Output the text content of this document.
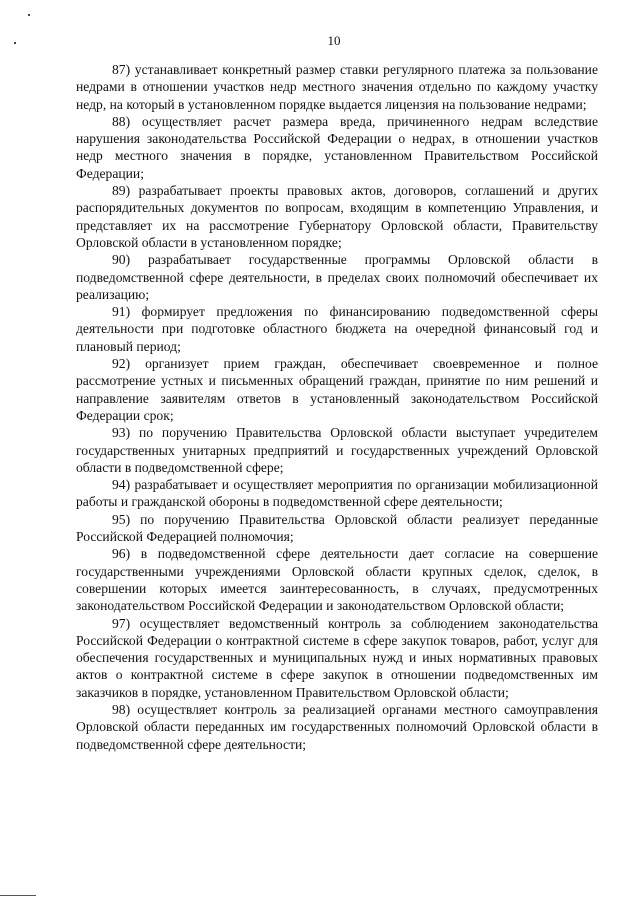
10

87) устанавливает конкретный размер ставки регулярного платежа за пользование недрами в отношении участков недр местного значения отдельно по каждому участку недр, на который в установленном порядке выдается лицензия на пользование недрами;

88) осуществляет расчет размера вреда, причиненного недрам вследствие нарушения законодательства Российской Федерации о недрах, в отношении участков недр местного значения в порядке, установленном Правительством Российской Федерации;

89) разрабатывает проекты правовых актов, договоров, соглашений и других распорядительных документов по вопросам, входящим в компетенцию Управления, и представляет их на рассмотрение Губернатору Орловской области, Правительству Орловской области в установленном порядке;

90) разрабатывает государственные программы Орловской области в подведомственной сфере деятельности, в пределах своих полномочий обеспечивает их реализацию;

91) формирует предложения по финансированию подведомственной сферы деятельности при подготовке областного бюджета на очередной финансовый год и плановый период;

92) организует прием граждан, обеспечивает своевременное и полное рассмотрение устных и письменных обращений граждан, принятие по ним решений и направление заявителям ответов в установленный законодательством Российской Федерации срок;

93) по поручению Правительства Орловской области выступает учредителем государственных унитарных предприятий и государственных учреждений Орловской области в подведомственной сфере;

94) разрабатывает и осуществляет мероприятия по организации мобилизационной работы и гражданской обороны в подведомственной сфере деятельности;

95) по поручению Правительства Орловской области реализует переданные Российской Федерацией полномочия;

96) в подведомственной сфере деятельности дает согласие на совершение государственными учреждениями Орловской области крупных сделок, сделок, в совершении которых имеется заинтересованность, в случаях, предусмотренных законодательством Российской Федерации и законодательством Орловской области;

97) осуществляет ведомственный контроль за соблюдением законодательства Российской Федерации о контрактной системе в сфере закупок товаров, работ, услуг для обеспечения государственных и муниципальных нужд и иных нормативных правовых актов о контрактной системе в сфере закупок в отношении подведомственных им заказчиков в порядке, установленном Правительством Орловской области;

98) осуществляет контроль за реализацией органами местного самоуправления Орловской области переданных им государственных полномочий Орловской области в подведомственной сфере деятельности;
